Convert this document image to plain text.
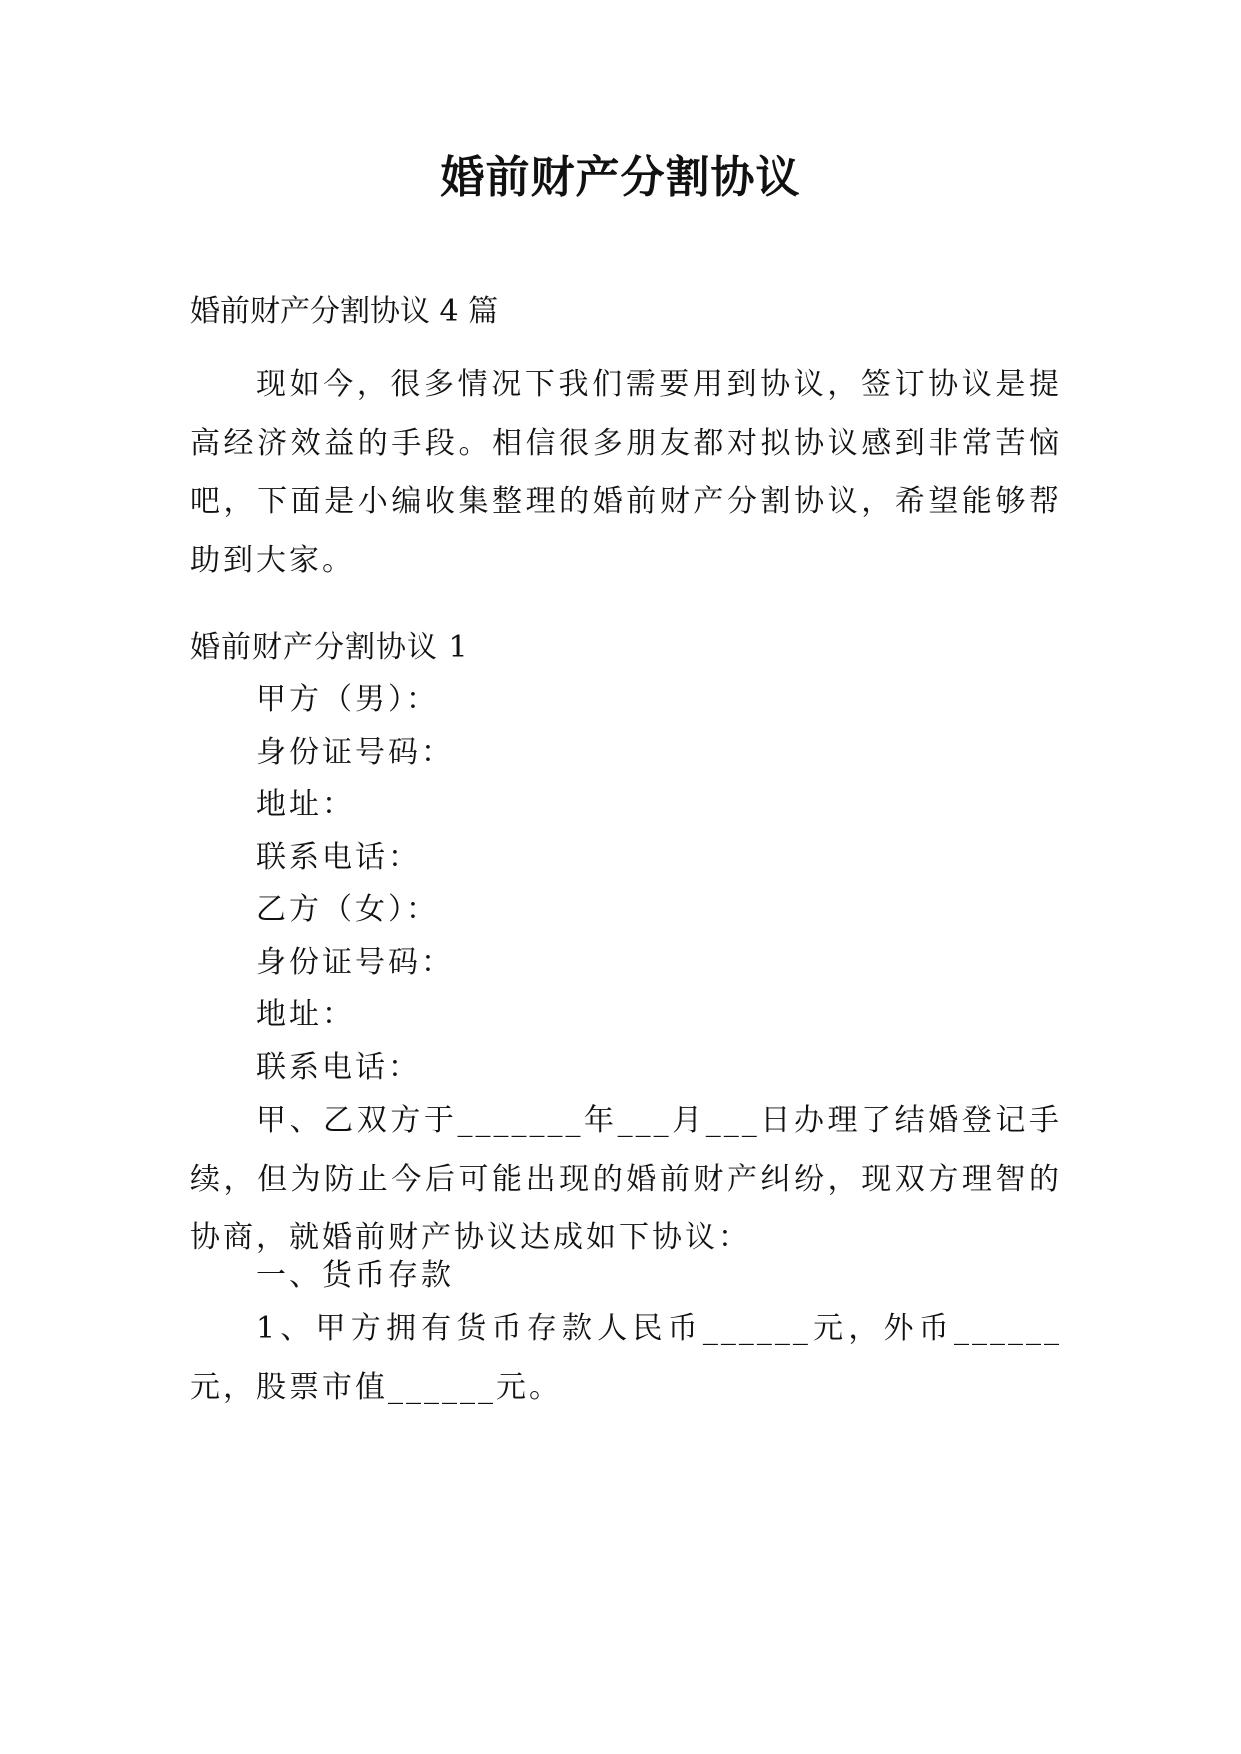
婚前财产分割协议
婚前财产分割协议 4 篇

现如今，很多情况下我们需要用到协议，签订协议是提高经济效益的手段。相信很多朋友都对拟协议感到非常苦恼吧，下面是小编收集整理的婚前财产分割协议，希望能够帮助到大家。

婚前财产分割协议 1
甲方（男）：
身份证号码：
地址：
联系电话：
乙方（女）：
身份证号码：
地址：
联系电话：

甲、乙双方于_______年___月___日办理了结婚登记手续，但为防止今后可能出现的婚前财产纠纷，现双方理智的协商，就婚前财产协议达成如下协议：

一、货币存款

1、甲方拥有货币存款人民币______元，外币______元，股票市值______元。
